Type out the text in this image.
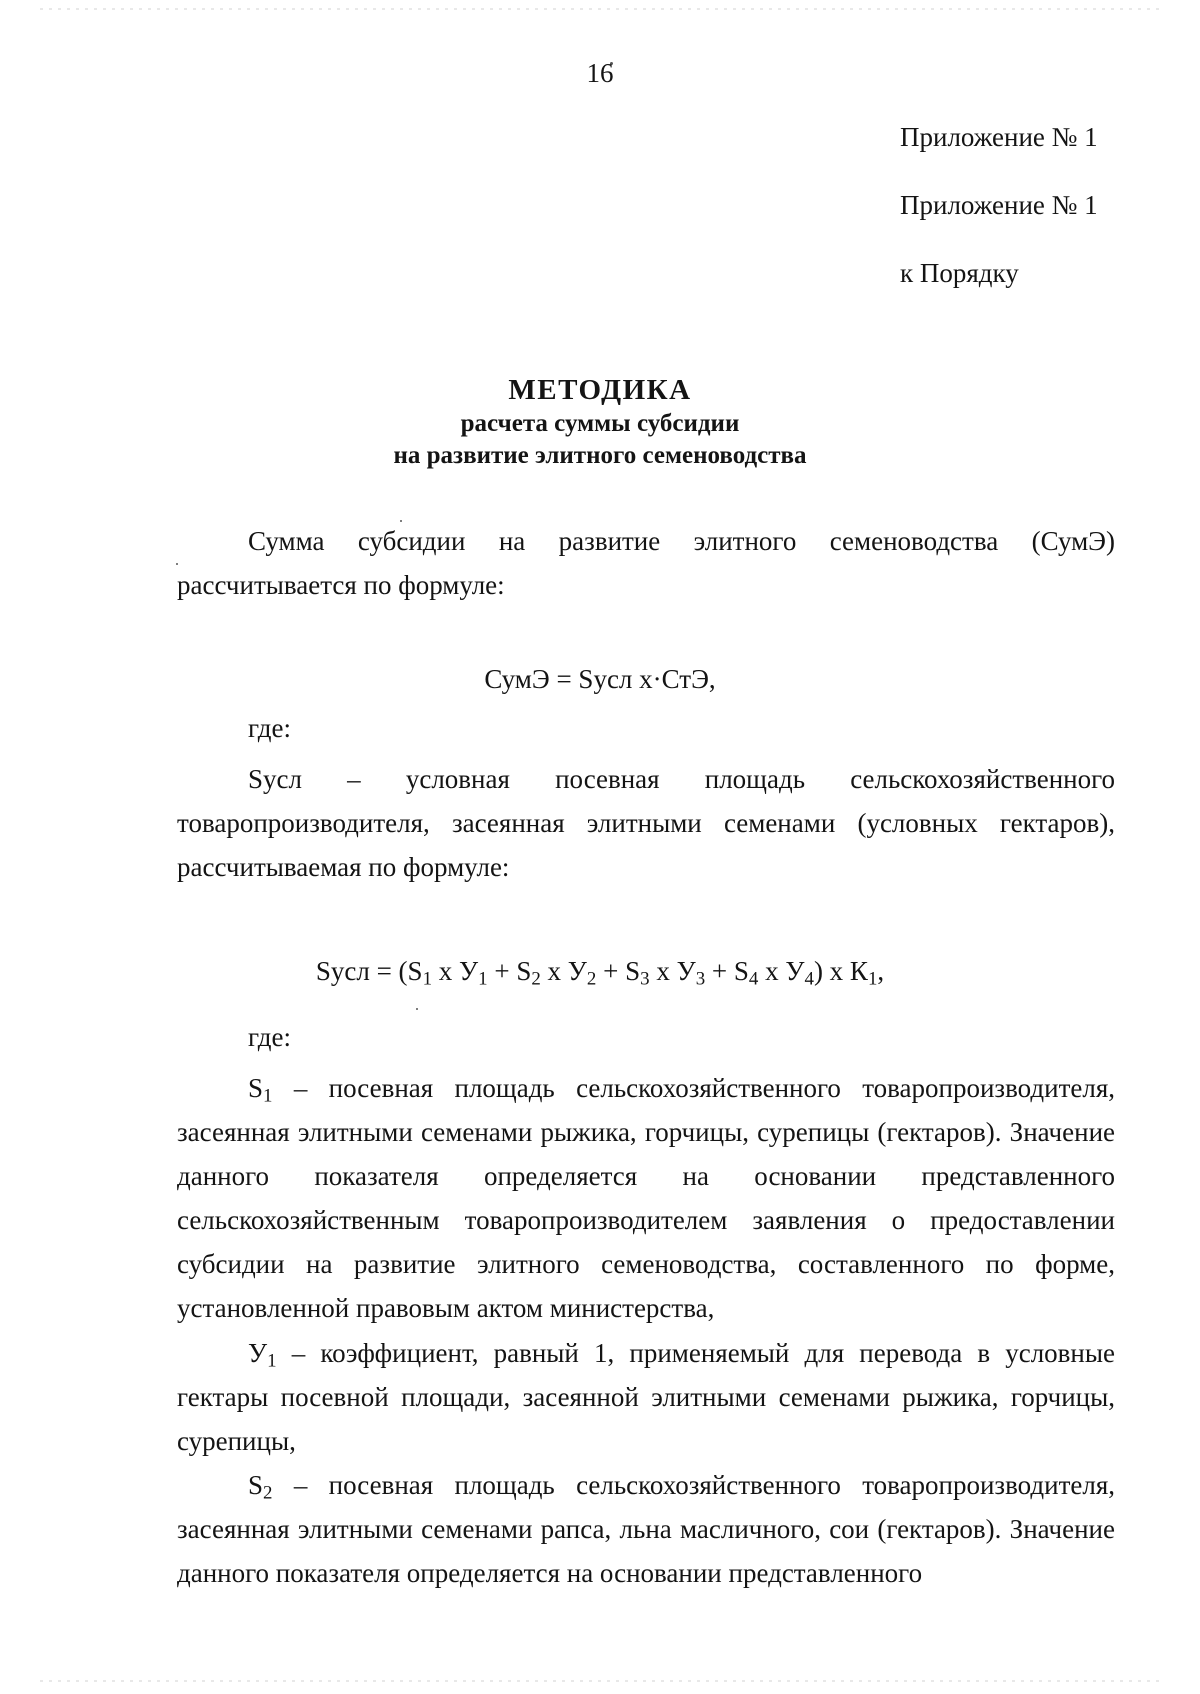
16
Приложение № 1
Приложение № 1
к Порядку
МЕТОДИКА
расчета суммы субсидии
на развитие элитного семеноводства
Сумма субсидии на развитие элитного семеноводства (СумЭ) рассчитывается по формуле:
СумЭ = Sусл х·СтЭ,
где:
Sусл – условная посевная площадь сельскохозяйственного товаропроизводителя, засеянная элитными семенами (условных гектаров), рассчитываемая по формуле:
Sусл = ($S_1$ х $У_1 + S_2$ х $У_2 + S_3$ х $У_3 + S_4$ х $У_4$) х $К_1$,
где:
$S_1$ – посевная площадь сельскохозяйственного товаропроизводителя, засеянная элитными семенами рыжика, горчицы, сурепицы (гектаров). Значение данного показателя определяется на основании представленного сельскохозяйственным товаропроизводителем заявления о предоставлении субсидии на развитие элитного семеноводства, составленного по форме, установленной правовым актом министерства,
$У_1$ – коэффициент, равный 1, применяемый для перевода в условные гектары посевной площади, засеянной элитными семенами рыжика, горчицы, сурепицы,
$S_2$ – посевная площадь сельскохозяйственного товаропроизводителя, засеянная элитными семенами рапса, льна масличного, сои (гектаров). Значение данного показателя определяется на основании представленного
